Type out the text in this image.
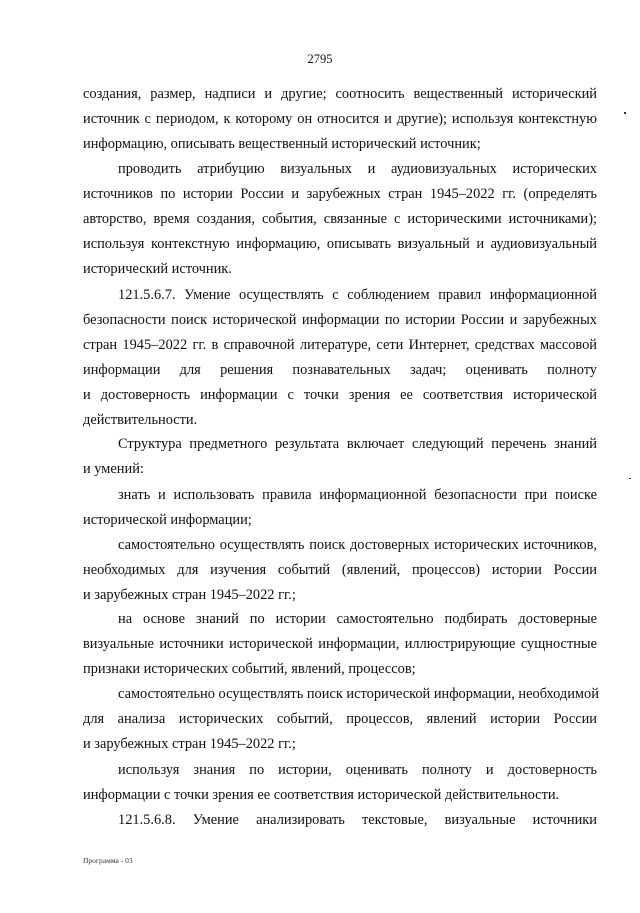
2795
создания, размер, надписи и другие; соотносить вещественный исторический
источник с периодом, к которому он относится и другие); используя контекстную
информацию, описывать вещественный исторический источник;
проводить атрибуцию визуальных и аудиовизуальных исторических
источников по истории России и зарубежных стран 1945–2022 гг. (определять
авторство, время создания, события, связанные с историческими источниками);
используя контекстную информацию, описывать визуальный и аудиовизуальный
исторический источник.
121.5.6.7. Умение осуществлять с соблюдением правил информационной
безопасности поиск исторической информации по истории России и зарубежных
стран 1945–2022 гг. в справочной литературе, сети Интернет, средствах массовой
информации для решения познавательных задач; оценивать полноту
и достоверность информации с точки зрения ее соответствия исторической
действительности.
Структура предметного результата включает следующий перечень знаний
и умений:
знать и использовать правила информационной безопасности при поиске
исторической информации;
самостоятельно осуществлять поиск достоверных исторических источников,
необходимых для изучения событий (явлений, процессов) истории России
и зарубежных стран 1945–2022 гг.;
на основе знаний по истории самостоятельно подбирать достоверные
визуальные источники исторической информации, иллюстрирующие сущностные
признаки исторических событий, явлений, процессов;
самостоятельно осуществлять поиск исторической информации, необходимой
для анализа исторических событий, процессов, явлений истории России
и зарубежных стран 1945–2022 гг.;
используя знания по истории, оценивать полноту и достоверность
информации с точки зрения ее соответствия исторической действительности.
121.5.6.8. Умение анализировать текстовые, визуальные источники
Программа - 03
